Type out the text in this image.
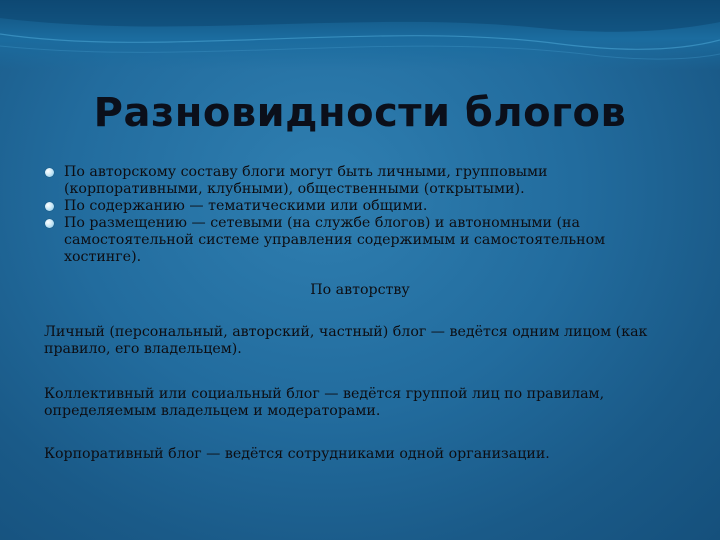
Разновидности блогов
По авторскому составу блоги могут быть личными, групповыми (корпоративными, клубными), общественными (открытыми).
По содержанию — тематическими или общими.
По размещению — сетевыми (на службе блогов) и автономными (на самостоятельной системе управления содержимым и самостоятельном хостинге).
По авторству

Личный (персональный, авторский, частный) блог — ведётся одним лицом (как правило, его владельцем).

Коллективный или социальный блог — ведётся группой лиц по правилам, определяемым владельцем и модераторами.

Корпоративный блог — ведётся сотрудниками одной организации.
